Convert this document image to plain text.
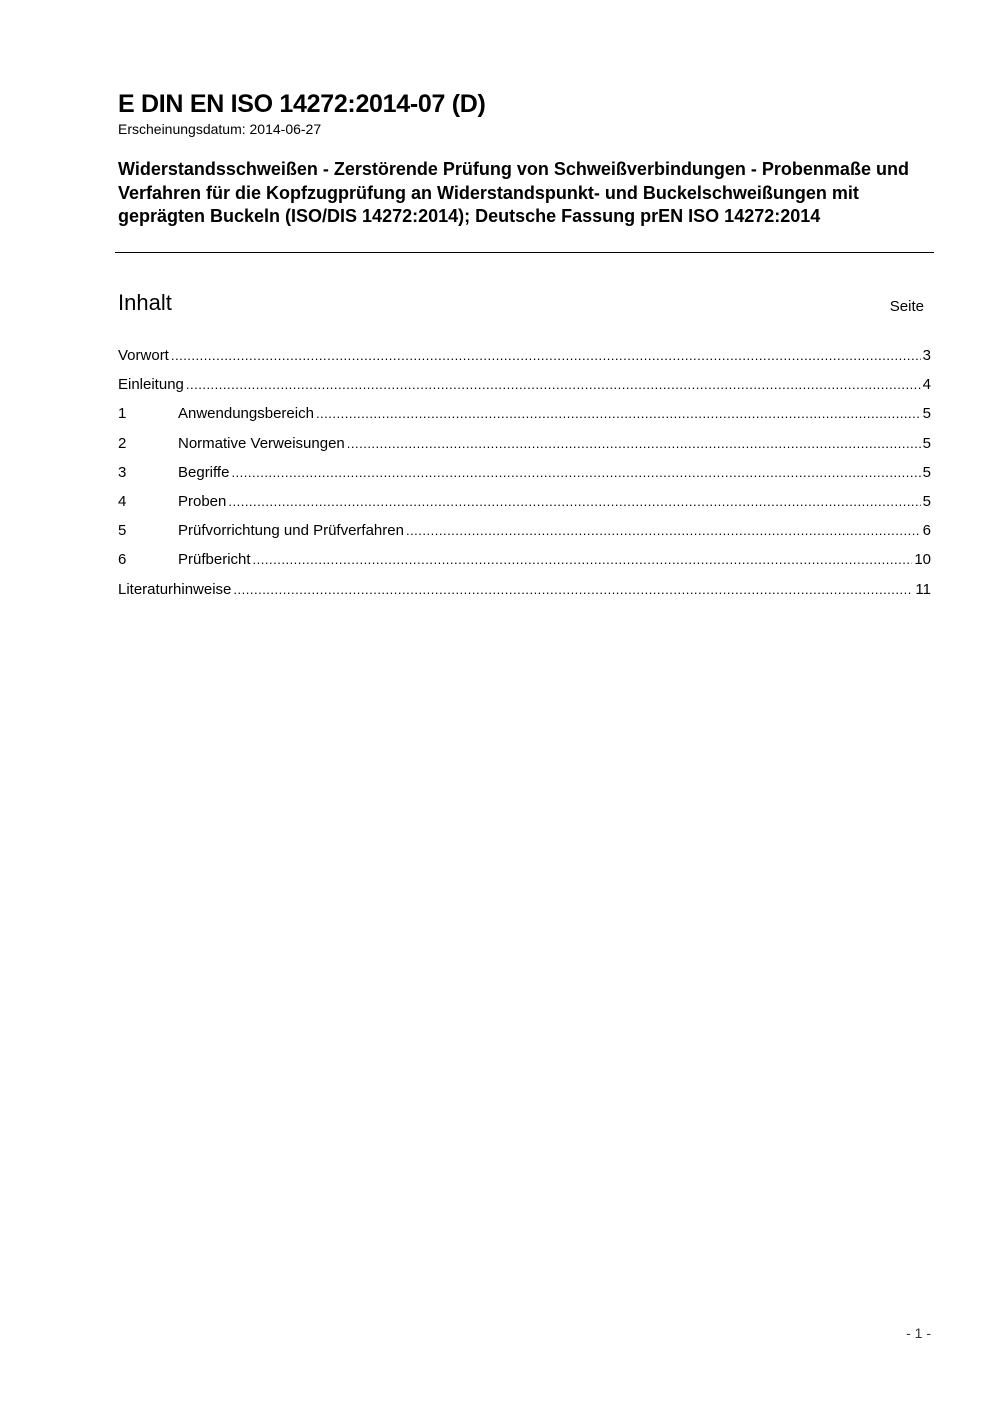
E DIN EN ISO 14272:2014-07 (D)
Erscheinungsdatum: 2014-06-27
Widerstandsschweißen - Zerstörende Prüfung von Schweißverbindungen - Probenmaße und Verfahren für die Kopfzugprüfung an Widerstandspunkt- und Buckelschweißungen mit geprägten Buckeln (ISO/DIS 14272:2014); Deutsche Fassung prEN ISO 14272:2014
Inhalt	Seite
Vorwort .....	3
Einleitung .....	4
1	Anwendungsbereich .....	5
2	Normative Verweisungen .....	5
3	Begriffe .....	5
4	Proben .....	5
5	Prüfvorrichtung und Prüfverfahren .....	6
6	Prüfbericht .....	10
Literaturhinweise .....	11
- 1 -
